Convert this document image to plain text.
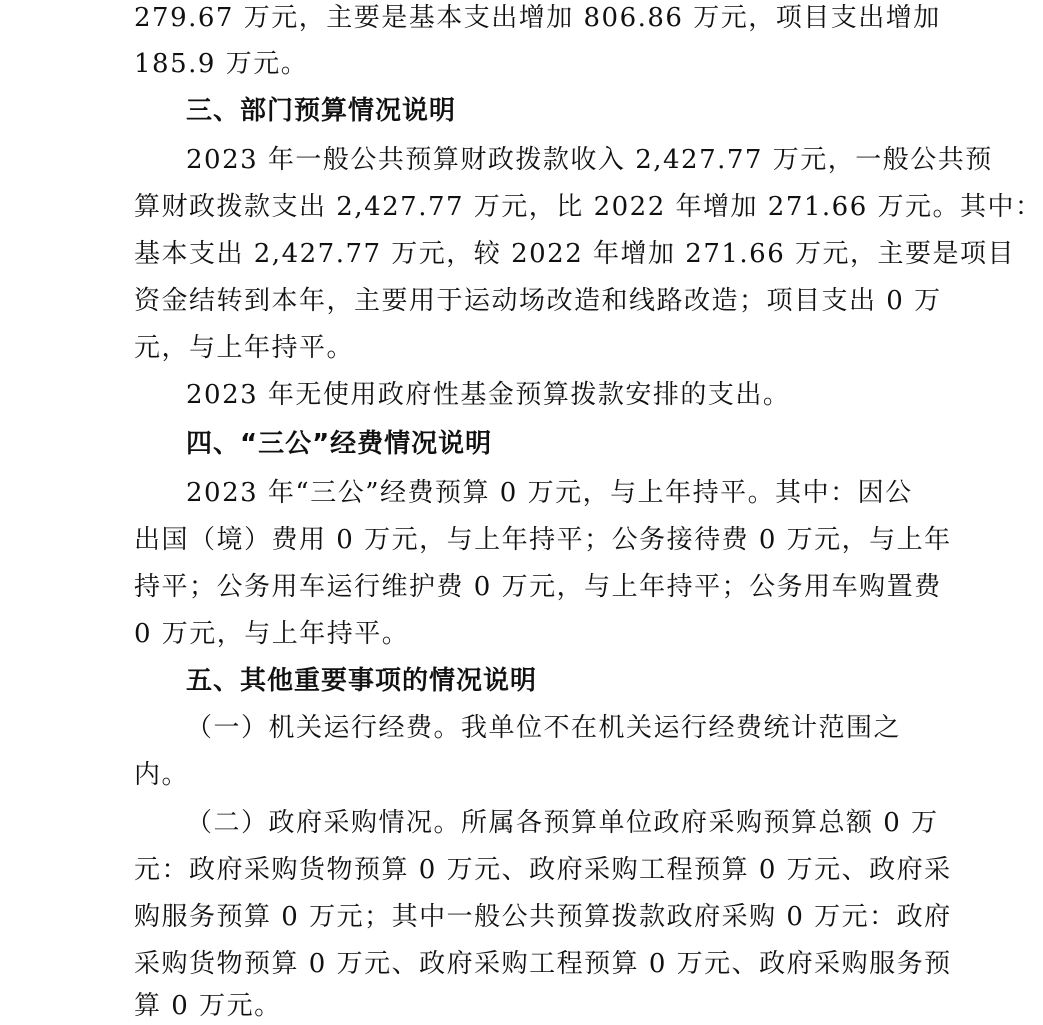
279.67 万元，主要是基本支出增加 806.86 万元，项目支出增加
185.9 万元。
三、部门预算情况说明
2023 年一般公共预算财政拨款收入 2,427.77 万元，一般公共预
算财政拨款支出 2,427.77 万元，比 2022 年增加 271.66 万元。其中：
基本支出 2,427.77 万元，较 2022 年增加 271.66 万元，主要是项目
资金结转到本年，主要用于运动场改造和线路改造；项目支出 0 万
元，与上年持平。
2023 年无使用政府性基金预算拨款安排的支出。
四、“三公”经费情况说明
2023 年“三公”经费预算 0 万元，与上年持平。其中：因公
出国（境）费用 0 万元，与上年持平；公务接待费 0 万元，与上年
持平；公务用车运行维护费 0 万元，与上年持平；公务用车购置费
0 万元，与上年持平。
五、其他重要事项的情况说明
（一）机关运行经费。我单位不在机关运行经费统计范围之
内。
（二）政府采购情况。所属各预算单位政府采购预算总额 0 万
元：政府采购货物预算 0 万元、政府采购工程预算 0 万元、政府采
购服务预算 0 万元；其中一般公共预算拨款政府采购 0 万元：政府
采购货物预算 0 万元、政府采购工程预算 0 万元、政府采购服务预
算 0 万元。
